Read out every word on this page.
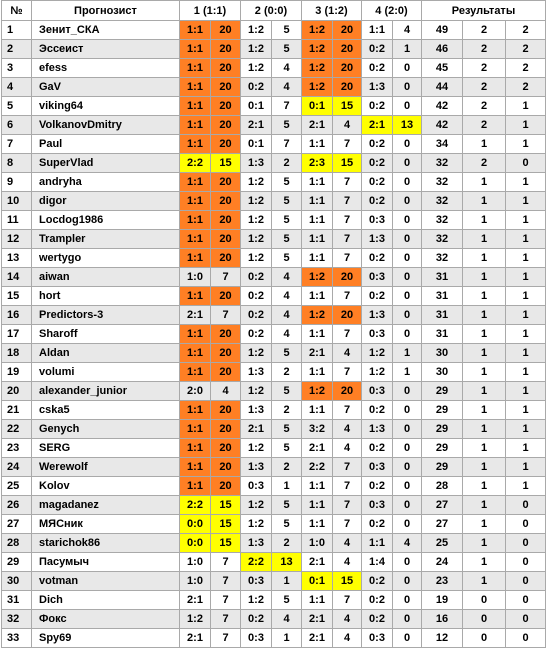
№	Прогнозист	1 (1:1)		2 (0:0)		3 (1:2)		4 (2:0)		Результаты		
1	Зенит_СКА	1:1	20	1:2	5	1:2	20	1:1	4	49	2	2
2	Эссеист	1:1	20	1:2	5	1:2	20	0:2	1	46	2	2
3	efess	1:1	20	1:2	4	1:2	20	0:2	0	45	2	2
4	GaV	1:1	20	0:2	4	1:2	20	1:3	0	44	2	2
5	viking64	1:1	20	0:1	7	0:1	15	0:2	0	42	2	1
6	VolkanovDmitry	1:1	20	2:1	5	2:1	4	2:1	13	42	2	1
7	Paul	1:1	20	0:1	7	1:1	7	0:2	0	34	1	1
8	SuperVlad	2:2	15	1:3	2	2:3	15	0:2	0	32	2	0
9	andryha	1:1	20	1:2	5	1:1	7	0:2	0	32	1	1
10	digor	1:1	20	1:2	5	1:1	7	0:2	0	32	1	1
11	Locdog1986	1:1	20	1:2	5	1:1	7	0:3	0	32	1	1
12	Trampler	1:1	20	1:2	5	1:1	7	1:3	0	32	1	1
13	wertygo	1:1	20	1:2	5	1:1	7	0:2	0	32	1	1
14	aiwan	1:0	7	0:2	4	1:2	20	0:3	0	31	1	1
15	hort	1:1	20	0:2	4	1:1	7	0:2	0	31	1	1
16	Predictors-3	2:1	7	0:2	4	1:2	20	1:3	0	31	1	1
17	Sharoff	1:1	20	0:2	4	1:1	7	0:3	0	31	1	1
18	Aldan	1:1	20	1:2	5	2:1	4	1:2	1	30	1	1
19	volumi	1:1	20	1:3	2	1:1	7	1:2	1	30	1	1
20	alexander_junior	2:0	4	1:2	5	1:2	20	0:3	0	29	1	1
21	cska5	1:1	20	1:3	2	1:1	7	0:2	0	29	1	1
22	Genych	1:1	20	2:1	5	3:2	4	1:3	0	29	1	1
23	SERG	1:1	20	1:2	5	2:1	4	0:2	0	29	1	1
24	Werewolf	1:1	20	1:3	2	2:2	7	0:3	0	29	1	1
25	Kolov	1:1	20	0:3	1	1:1	7	0:2	0	28	1	1
26	magadanez	2:2	15	1:2	5	1:1	7	0:3	0	27	1	0
27	МЯСник	0:0	15	1:2	5	1:1	7	0:2	0	27	1	0
28	starichok86	0:0	15	1:3	2	1:0	4	1:1	4	25	1	0
29	Пасумыч	1:0	7	2:2	13	2:1	4	1:4	0	24	1	0
30	votman	1:0	7	0:3	1	0:1	15	0:2	0	23	1	0
31	Dich	2:1	7	1:2	5	1:1	7	0:2	0	19	0	0
32	Фокс	1:2	7	0:2	4	2:1	4	0:2	0	16	0	0
33	Spy69	2:1	7	0:3	1	2:1	4	0:3	0	12	0	0
